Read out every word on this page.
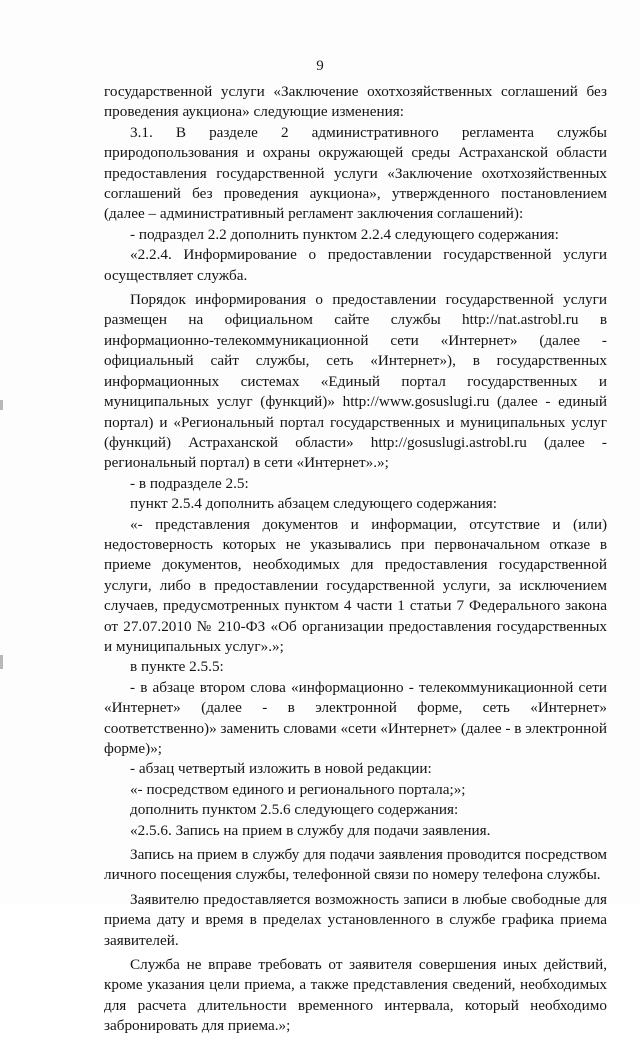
9

государственной услуги «Заключение охотхозяйственных соглашений без проведения аукциона» следующие изменения:

3.1. В разделе 2 административного регламента службы природопользования и охраны окружающей среды Астраханской области предоставления государственной услуги «Заключение охотхозяйственных соглашений без проведения аукциона», утвержденного постановлением (далее – административный регламент заключения соглашений):

- подраздел 2.2 дополнить пунктом 2.2.4 следующего содержания:

«2.2.4. Информирование о предоставлении государственной услуги осуществляет служба.

Порядок информирования о предоставлении государственной услуги размещен на официальном сайте службы http://nat.astrobl.ru в информационно-телекоммуникационной сети «Интернет» (далее - официальный сайт службы, сеть «Интернет»), в государственных информационных системах «Единый портал государственных и муниципальных услуг (функций)» http://www.gosuslugi.ru (далее - единый портал) и «Региональный портал государственных и муниципальных услуг (функций) Астраханской области» http://gosuslugi.astrobl.ru (далее - региональный портал) в сети «Интернет».»;

- в подразделе 2.5:

пункт 2.5.4 дополнить абзацем следующего содержания:

«- представления документов и информации, отсутствие и (или) недостоверность которых не указывались при первоначальном отказе в приеме документов, необходимых для предоставления государственной услуги, либо в предоставлении государственной услуги, за исключением случаев, предусмотренных пунктом 4 части 1 статьи 7 Федерального закона от 27.07.2010 № 210-ФЗ «Об организации предоставления государственных и муниципальных услуг».»;

в пункте 2.5.5:

- в абзаце втором слова «информационно - телекоммуникационной сети «Интернет» (далее - в электронной форме, сеть «Интернет» соответственно)» заменить словами «сети «Интернет» (далее - в электронной форме)»;

- абзац четвертый изложить в новой редакции:

«- посредством единого и регионального портала;»;

дополнить пунктом 2.5.6 следующего содержания:

«2.5.6. Запись на прием в службу для подачи заявления.

Запись на прием в службу для подачи заявления проводится посредством личного посещения службы, телефонной связи по номеру телефона службы.

Заявителю предоставляется возможность записи в любые свободные для приема дату и время в пределах установленного в службе графика приема заявителей.

Служба не вправе требовать от заявителя совершения иных действий, кроме указания цели приема, а также представления сведений, необходимых для расчета длительности временного интервала, который необходимо забронировать для приема.»;
